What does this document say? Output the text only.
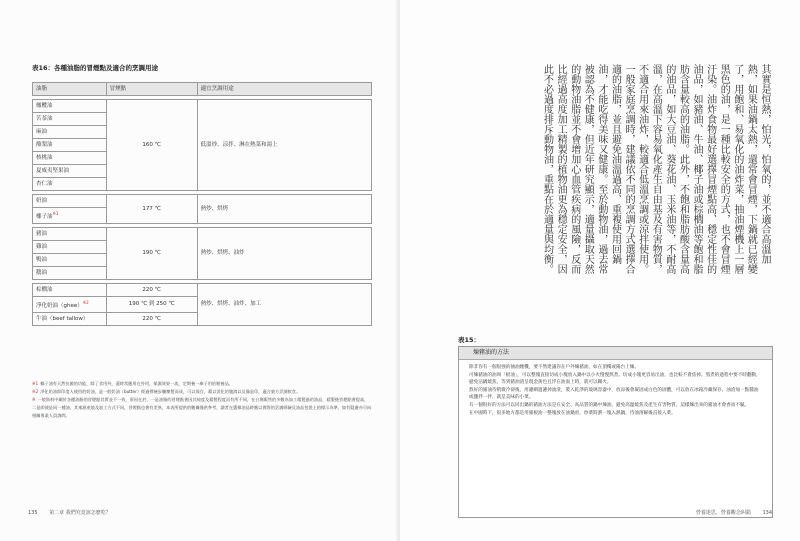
表16：各種油脂的冒煙點及適合的烹調用途
油脂	冒煙點	適宜烹調用途

橄欖油	160 ℃	低溫炒、涼拌、淋在熱菜和湯上
苦茶油		
麻油		
酪梨油		
核桃油		
夏威夷堅果油		
杏仁油		

奶油	177 ℃	熱炒、烘烤
椰子油$^{※1}$

豬油	190 ℃	熱炒、烘烤、油炸
雞油		
鴨油		
鵝油		

棕櫚油	220 ℃	熱炒、烘烤、油炸、加工
淨化奶油（ghee）$^{※2}$	190 ℃ 到 250 ℃	
牛油（beef tallow）	220 ℃	

※1 椰子油有天然抗菌的功能，除了食用外，還時常應用在外用，保濕效果一流，定期養一庫子用的喔養品。

※2 淨化奶油即印度人使用的奶油，是一般奶油（butter）經過傳統步驟煉製而成，可以保存，藉以消化的腹瀉以及像是印，適合東方烹調飲食。

※ 一般資料中關於各種油脂的冒煙點其實並不一致，原因在於，一是油脂的冒煙點會因其純度及精製程度而有所不同，在台灣販售的多數為加工精製過的油品，精製後冒煙點會提高，二是即使是同一種油，其來源產地及加工方式不同，冒煙點也會有差異，本表所提供的數據僅供參考，讀者在選擇油品時應以實際的烹調經驗及油品包裝上的標示為準，如有疑慮亦可向相關專業人員詢問。

135 第二章 我們究竟該怎麼吃？

其實是恒熱，怕光，怕氧的，並不適合高溫加熱，如果油鍋太熱，還常會冒煙，下鍋就已經變了，用飽和、易氧化的油炸菜，抽油煙機上一層黑色的油，是一種比較安全的方式，也不會冒煙汙染。油炸食物最好選擇冒煙點高、穩定性佳的油品，如豬油、牛油、椰子油或棕櫚油等飽和脂肪含量較高的油脂。此外，不飽和脂肪酸含量高的油品，如大豆油、葵花油、玉米油等，不耐高溫，在高溫下容易氧化產生自由基及有害物質，不適合用來油炸，較適合低溫烹調或涼拌使用。一般家庭烹調時，建議依不同的烹調方式選擇合適的油脂，並且避免油溫過高、重複使用回鍋油，才能吃得美味又健康。至於動物油，過去常被認為不健康，但近年研究顯示，適量攝取天然的動物油脂並不會增加心血管疾病的風險，反而比經過高度加工精製的植物油更為穩定安全，因此不必過度排斥動物油，重點在於適量與均衡。

表15：
煉豬油的方法

除非你有一個很強的抽油煙機，要不然建議你在戶外煉豬油，如在頂樓或陽台上煉。

可煉豬油的油叫「板油」，可以整塊直接切成小塊放入鍋中以小火慢慢熬煮。切成小塊更容易出油，也比較不會焦掉。熬煮的過程中要不時翻動，避免沾鍋燒焦，等到豬油渣呈現金黃色且浮在油面上時，就可以關火。

熬好的豬油待稍微冷卻後，用濾網過濾掉油渣，裝入乾淨的玻璃容器中，放涼後會凝固成白色的固體，可以放在冰箱冷藏保存。油渣加一點醬油或鹽拌一拌，就是美味的小菜。

有一個很好的方法可以同出鍋的豬油方法是在安全、高品質的鍋中煉油，避免高溫燒焦及產生有害物質，這樣煉出來的豬油才會香而不膩。

在中國時下，很多地方都是用豬板油一整塊放在油鍋煎，炒菜時割一塊入熱鍋，待油溶解後直接入菜。

營養迷思，營養觀念糾錯 134
